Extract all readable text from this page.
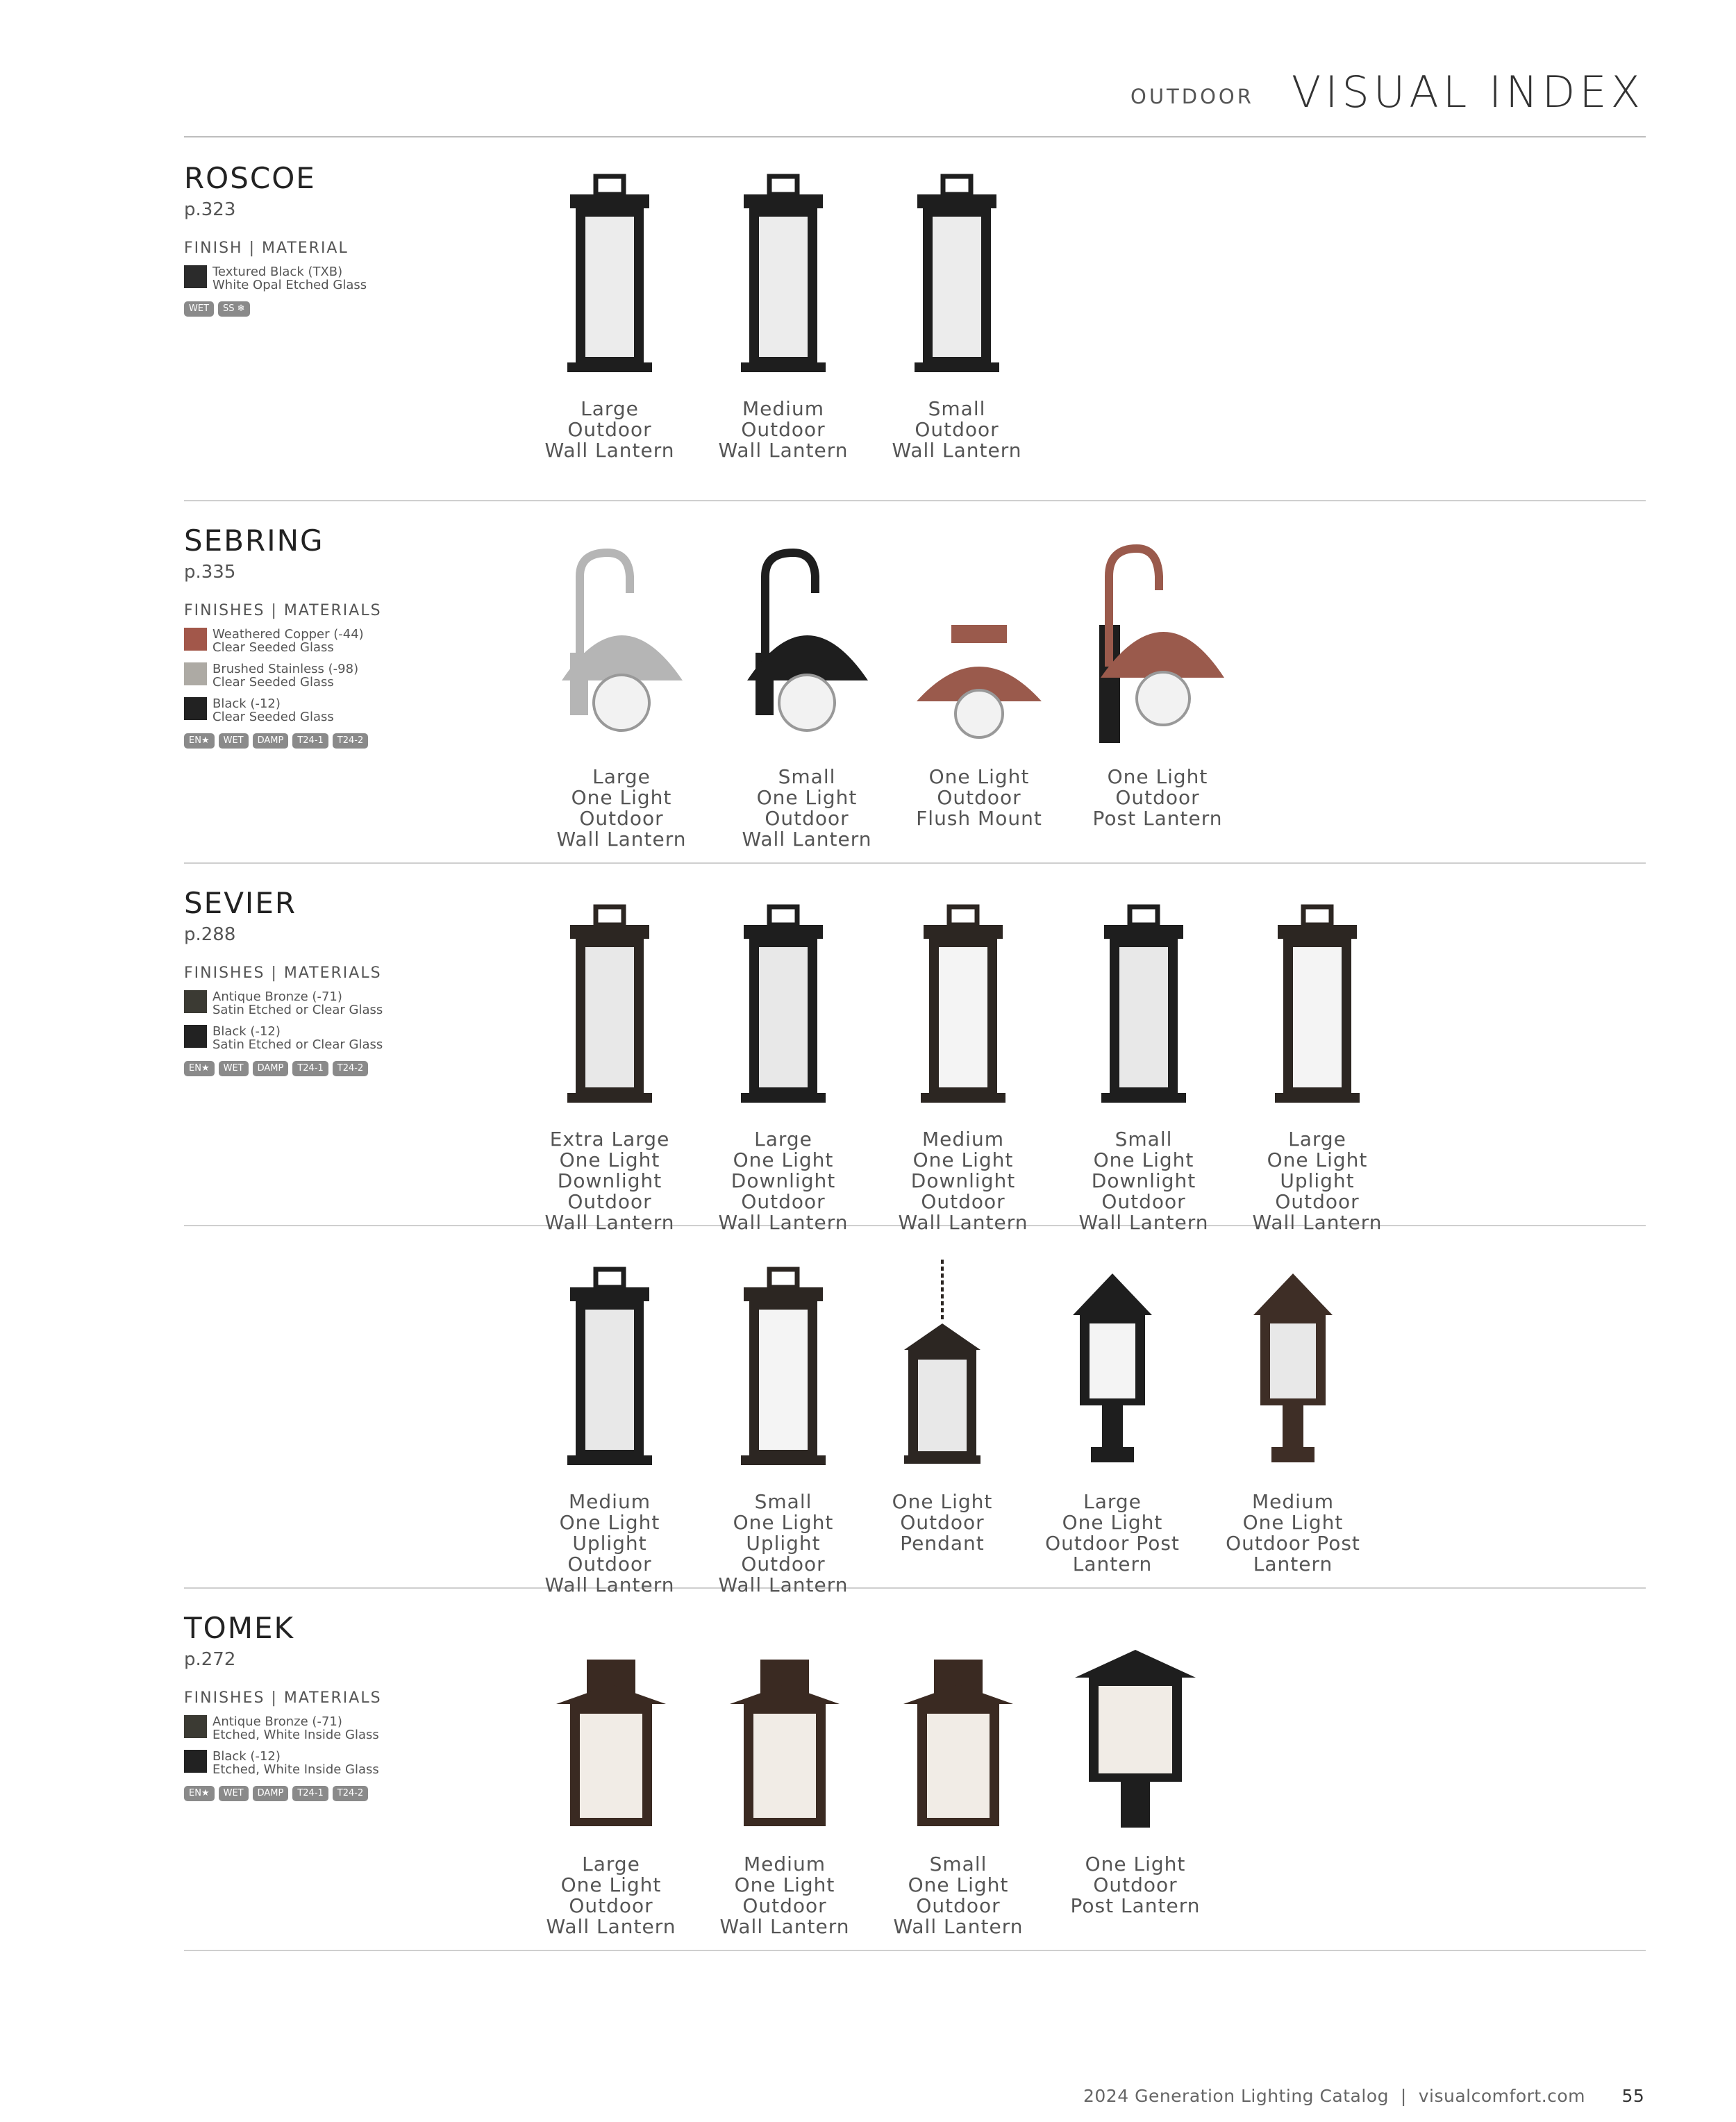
OUTDOOR VISUAL INDEX
ROSCOE
p.323
FINISH | MATERIAL
Textured Black (TXB)
White Opal Etched Glass
WET	SS ❄
SEBRING
p.335
FINISHES | MATERIALS
Weathered Copper (-44)
Clear Seeded Glass
Brushed Stainless (-98)
Clear Seeded Glass
Black (-12)
Clear Seeded Glass
EN★	WET	DAMP	T24-1	T24-2
SEVIER
p.288
FINISHES | MATERIALS
Antique Bronze (-71)
Satin Etched or Clear Glass
Black (-12)
Satin Etched or Clear Glass
EN★	WET	DAMP	T24-1	T24-2
TOMEK
p.272
FINISHES | MATERIALS
Antique Bronze (-71)
Etched, White Inside Glass
Black (-12)
Etched, White Inside Glass
EN★	WET	DAMP	T24-1	T24-2
Large
Outdoor
Wall Lantern
Medium
Outdoor
Wall Lantern
Small
Outdoor
Wall Lantern
Large
One Light
Outdoor
Wall Lantern
Small
One Light
Outdoor
Wall Lantern
One Light
Outdoor
Flush Mount
One Light
Outdoor
Post Lantern
Extra Large
One Light
Downlight
Outdoor
Wall Lantern
Large
One Light
Downlight
Outdoor
Wall Lantern
Medium
One Light
Downlight
Outdoor
Wall Lantern
Small
One Light
Downlight
Outdoor
Wall Lantern
Large
One Light
Uplight
Outdoor
Wall Lantern
Medium
One Light
Uplight
Outdoor
Wall Lantern
Small
One Light
Uplight
Outdoor
Wall Lantern
One Light
Outdoor
Pendant
Large
One Light
Outdoor Post
Lantern
Medium
One Light
Outdoor Post
Lantern
Large
One Light
Outdoor
Wall Lantern
Medium
One Light
Outdoor
Wall Lantern
Small
One Light
Outdoor
Wall Lantern
One Light
Outdoor
Post Lantern
2024 Generation Lighting Catalog | visualcomfort.com 55
